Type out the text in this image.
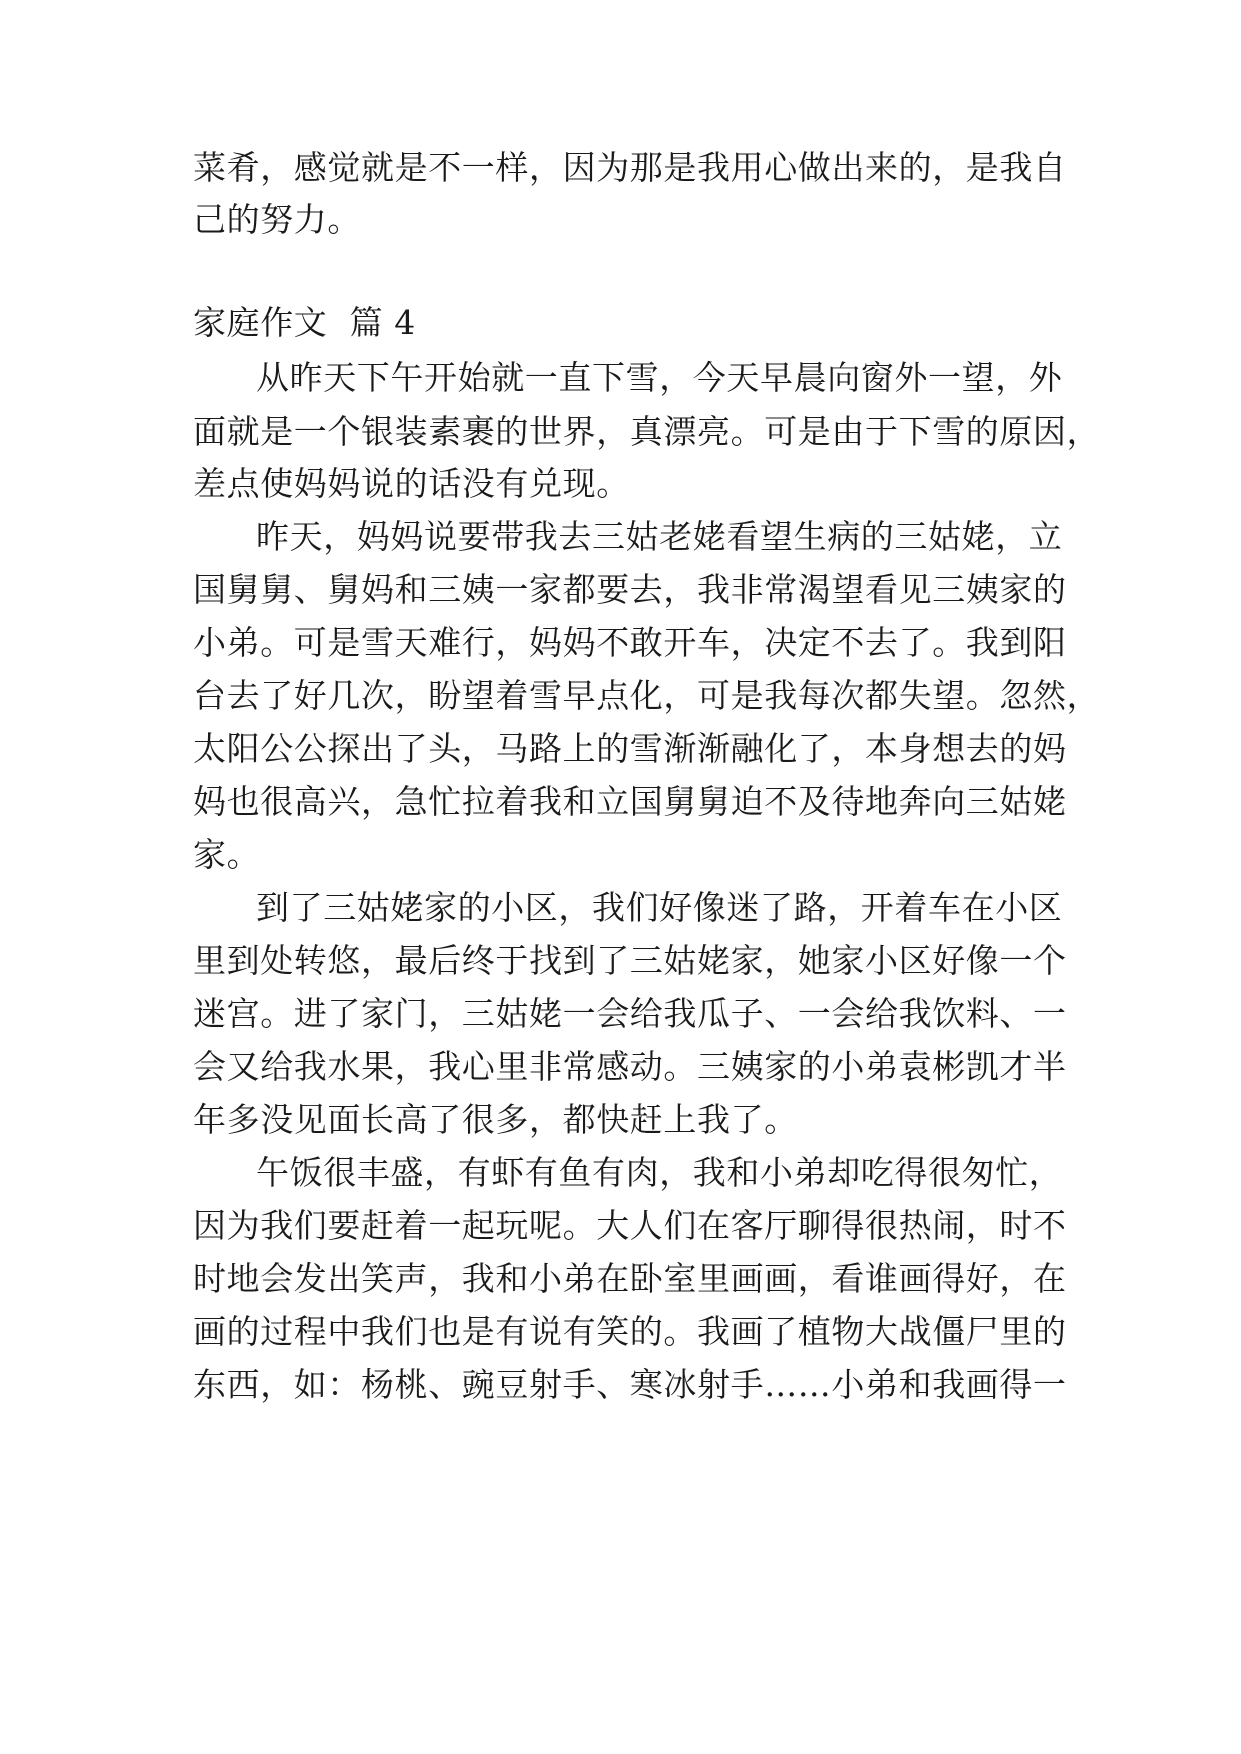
菜肴，感觉就是不一样，因为那是我用心做出来的，是我自
己的努力。
家庭作文  篇 4
从昨天下午开始就一直下雪，今天早晨向窗外一望，外
面就是一个银装素裹的世界，真漂亮。可是由于下雪的原因，
差点使妈妈说的话没有兑现。
昨天，妈妈说要带我去三姑老姥看望生病的三姑姥，立
国舅舅、舅妈和三姨一家都要去，我非常渴望看见三姨家的
小弟。可是雪天难行，妈妈不敢开车，决定不去了。我到阳
台去了好几次，盼望着雪早点化，可是我每次都失望。忽然，
太阳公公探出了头，马路上的雪渐渐融化了，本身想去的妈
妈也很高兴，急忙拉着我和立国舅舅迫不及待地奔向三姑姥
家。
到了三姑姥家的小区，我们好像迷了路，开着车在小区
里到处转悠，最后终于找到了三姑姥家，她家小区好像一个
迷宫。进了家门，三姑姥一会给我瓜子、一会给我饮料、一
会又给我水果，我心里非常感动。三姨家的小弟袁彬凯才半
年多没见面长高了很多，都快赶上我了。
午饭很丰盛，有虾有鱼有肉，我和小弟却吃得很匆忙，
因为我们要赶着一起玩呢。大人们在客厅聊得很热闹，时不
时地会发出笑声，我和小弟在卧室里画画，看谁画得好，在
画的过程中我们也是有说有笑的。我画了植物大战僵尸里的
东西，如：杨桃、豌豆射手、寒冰射手……小弟和我画得一
